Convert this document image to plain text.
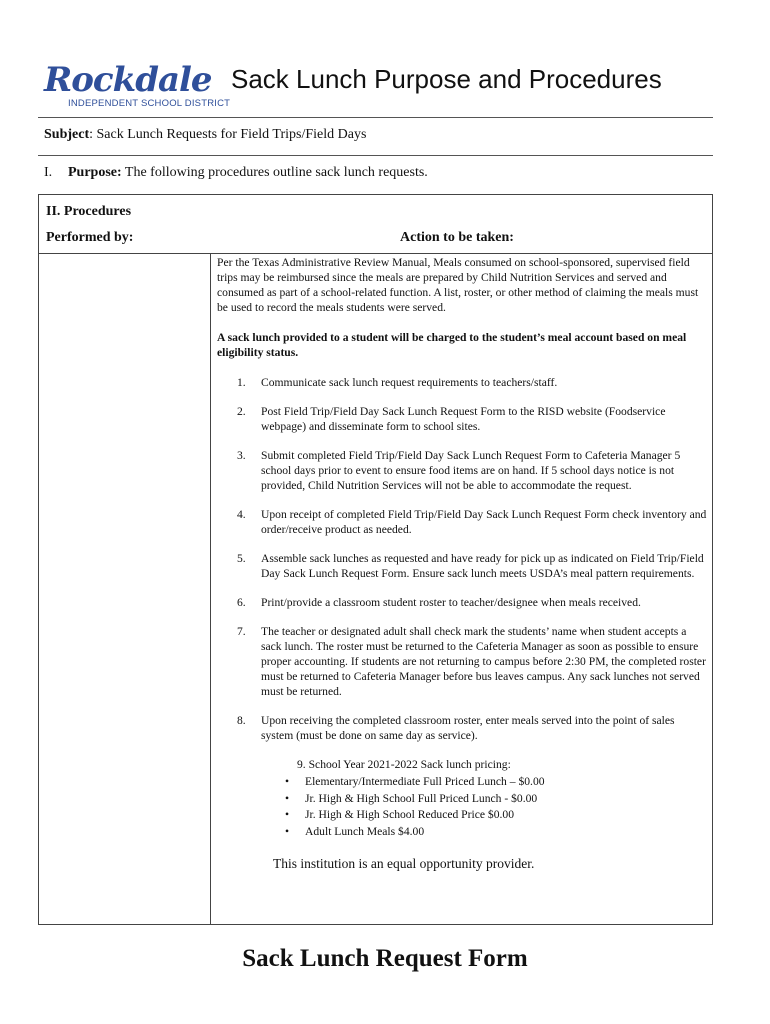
Rockdale
INDEPENDENT SCHOOL DISTRICT
Sack Lunch Purpose and Procedures
Subject: Sack Lunch Requests for Field Trips/Field Days
I. Purpose: The following procedures outline sack lunch requests.
II. Procedures
Performed by:	Action to be taken:

Per the Texas Administrative Review Manual, Meals consumed on school-sponsored, supervised field trips may be reimbursed since the meals are prepared by Child Nutrition Services and served and consumed as part of a school-related function. A list, roster, or other method of claiming the meals must be used to record the meals students were served.

A sack lunch provided to a student will be charged to the student’s meal account based on meal eligibility status.

1. Communicate sack lunch request requirements to teachers/staff.
2. Post Field Trip/Field Day Sack Lunch Request Form to the RISD website (Foodservice webpage) and disseminate form to school sites.
3. Submit completed Field Trip/Field Day Sack Lunch Request Form to Cafeteria Manager 5 school days prior to event to ensure food items are on hand. If 5 school days notice is not provided, Child Nutrition Services will not be able to accommodate the request.
4. Upon receipt of completed Field Trip/Field Day Sack Lunch Request Form check inventory and order/receive product as needed.
5. Assemble sack lunches as requested and have ready for pick up as indicated on Field Trip/Field Day Sack Lunch Request Form. Ensure sack lunch meets USDA’s meal pattern requirements.
6. Print/provide a classroom student roster to teacher/designee when meals received.
7. The teacher or designated adult shall check mark the students’ name when student accepts a sack lunch. The roster must be returned to the Cafeteria Manager as soon as possible to ensure proper accounting. If students are not returning to campus before 2:30 PM, the completed roster must be returned to Cafeteria Manager before bus leaves campus. Any sack lunches not served must be returned.
8. Upon receiving the completed classroom roster, enter meals served into the point of sales system (must be done on same day as service).
9. School Year 2021-2022 Sack lunch pricing:
• Elementary/Intermediate Full Priced Lunch – $0.00
• Jr. High & High School Full Priced Lunch - $0.00
• Jr. High & High School Reduced Price $0.00
• Adult Lunch Meals $4.00
This institution is an equal opportunity provider.
Sack Lunch Request Form
